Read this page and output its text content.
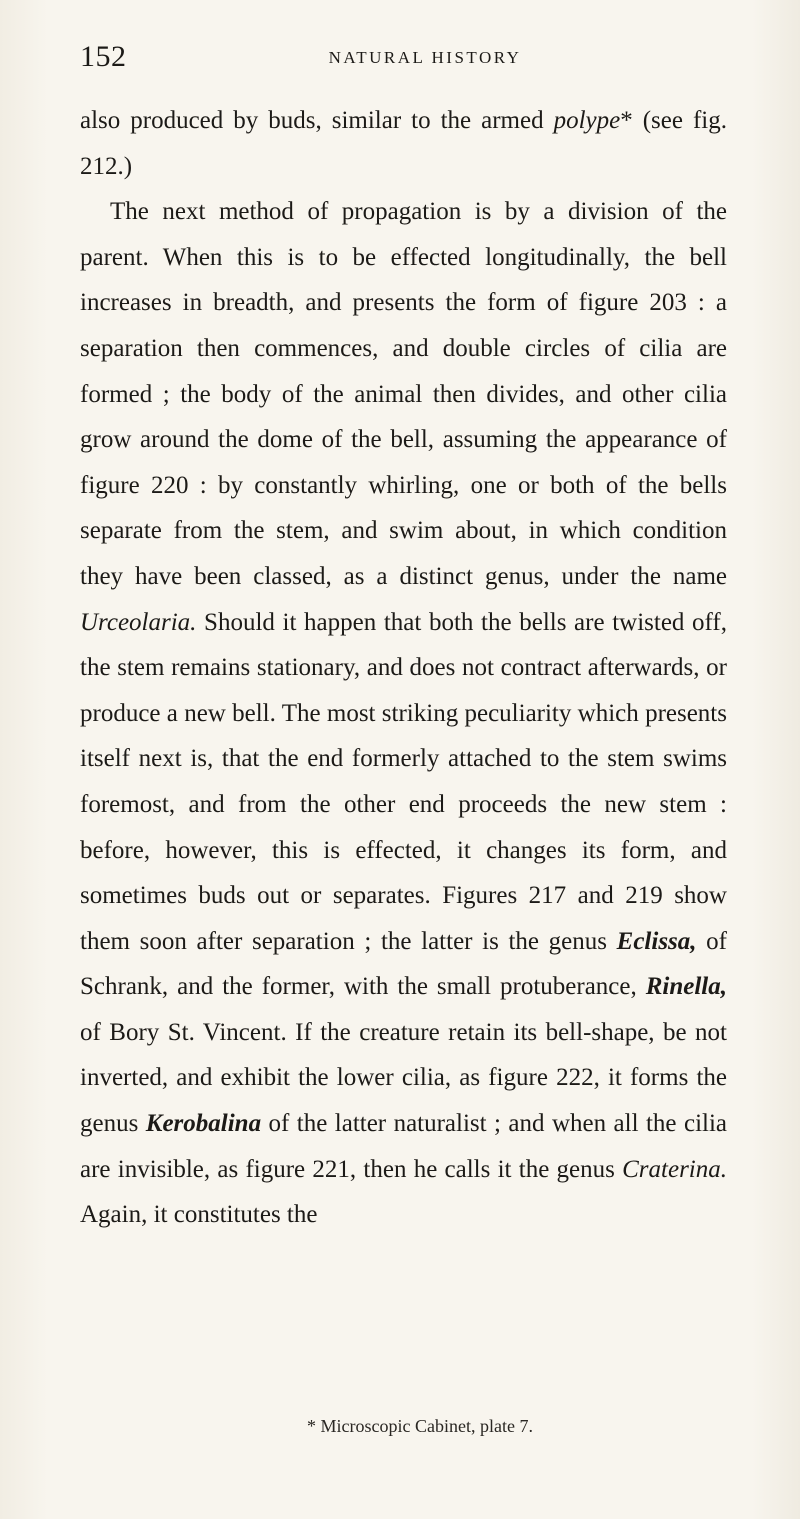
152	NATURAL HISTORY

also produced by buds, similar to the armed polype* (see fig. 212.)

The next method of propagation is by a division of the parent. When this is to be effected longitudinally, the bell increases in breadth, and presents the form of figure 203 : a separation then commences, and double circles of cilia are formed ; the body of the animal then divides, and other cilia grow around the dome of the bell, assuming the appearance of figure 220 : by constantly whirling, one or both of the bells separate from the stem, and swim about, in which condition they have been classed, as a distinct genus, under the name Urceolaria. Should it happen that both the bells are twisted off, the stem remains stationary, and does not contract afterwards, or produce a new bell. The most striking peculiarity which presents itself next is, that the end formerly attached to the stem swims foremost, and from the other end proceeds the new stem : before, however, this is effected, it changes its form, and sometimes buds out or separates. Figures 217 and 219 show them soon after separation ; the latter is the genus Eclissa, of Schrank, and the former, with the small protuberance, Rinella, of Bory St. Vincent. If the creature retain its bell-shape, be not inverted, and exhibit the lower cilia, as figure 222, it forms the genus Kerobalina of the latter naturalist ; and when all the cilia are invisible, as figure 221, then he calls it the genus Craterina. Again, it constitutes the

* Microscopic Cabinet, plate 7.
